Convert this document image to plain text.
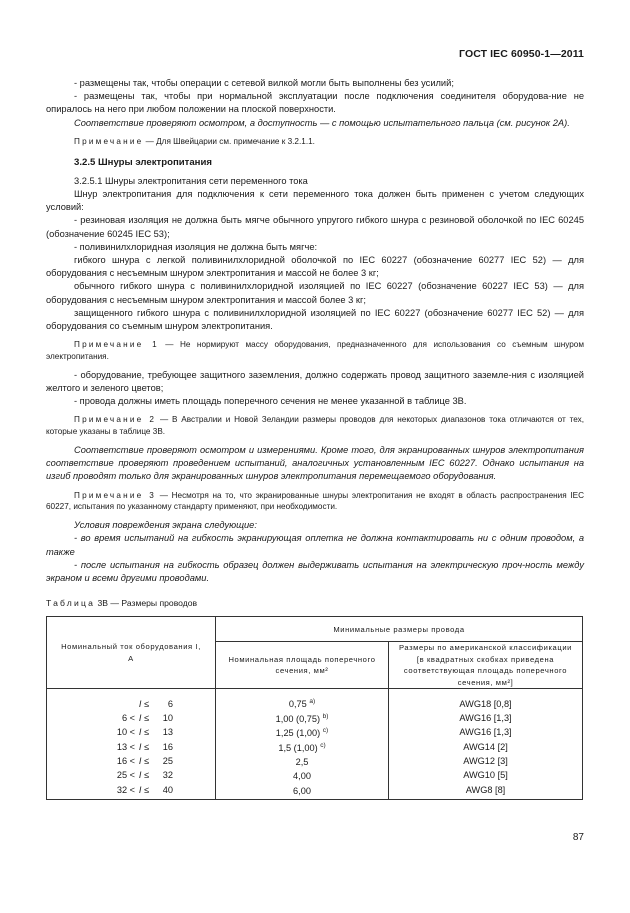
ГОСТ IEC 60950-1—2011

- размещены так, чтобы операции с сетевой вилкой могли быть выполнены без усилий;

- размещены так, чтобы при нормальной эксплуатации после подключения соединителя оборудова-ние не опиралось на него при любом положении на плоской поверхности.

Соответствие проверяют осмотром, а доступность — с помощью испытательного пальца (см. рисунок 2А).

Примечание — Для Швейцарии см. примечание к 3.2.1.1.

3.2.5 Шнуры электропитания

3.2.5.1 Шнуры электропитания сети переменного тока

Шнур электропитания для подключения к сети переменного тока должен быть применен с учетом следующих условий:

- резиновая изоляция не должна быть мягче обычного упругого гибкого шнура с резиновой оболочкой по IEC 60245 (обозначение 60245 IEC 53);

- поливинилхлоридная изоляция не должна быть мягче:

гибкого шнура с легкой поливинилхлоридной оболочкой по IEC 60227 (обозначение 60277 IEC 52) — для оборудования с несъемным шнуром электропитания и массой не более 3 кг;

обычного гибкого шнура с поливинилхлоридной изоляцией по IEC 60227 (обозначение 60227 IEC 53) — для оборудования с несъемным шнуром электропитания и массой более 3 кг;

защищенного гибкого шнура с поливинилхлоридной изоляцией по IEC 60227 (обозначение 60277 IEC 52) — для оборудования со съемным шнуром электропитания.

Примечание 1 — Не нормируют массу оборудования, предназначенного для использования со съемным шнуром электропитания.

- оборудование, требующее защитного заземления, должно содержать провод защитного заземле-ния с изоляцией желтого и зеленого цветов;

- провода должны иметь площадь поперечного сечения не менее указанной в таблице 3В.

Примечание 2 — В Австралии и Новой Зеландии размеры проводов для некоторых диапазонов тока отличаются от тех, которые указаны в таблице 3В.

Соответствие проверяют осмотром и измерениями. Кроме того, для экранированных шнуров электропитания соответствие проверяют проведением испытаний, аналогичных установленным IEC 60227. Однако испытания на изгиб проводят только для экранированных шнуров электропитания перемещаемого оборудования.

Примечание 3 — Несмотря на то, что экранированные шнуры электропитания не входят в область распространения IEC 60227, испытания по указанному стандарту применяют, при необходимости.

Условия повреждения экрана следующие:

- во время испытаний на гибкость экранирующая оплетка не должна контактировать ни с одним проводом, а также

- после испытания на гибкость образец должен выдерживать испытания на электрическую проч-ность между экраном и всеми другими проводами.

Таблица 3В — Размеры проводов

Номинальный ток оборудования I, А	Минимальные размеры провода	
	Номинальная площадь поперечного сечения, мм²	Размеры по американской классификации [в квадратных скобках приведена соответствующая площадь поперечного сечения, мм²]

I ≤ 6	0,75 $^{a)}$	AWG18 [0,8]

6 < I ≤ 10	1,00 (0,75) $^{b)}$	AWG16 [1,3]

10 < I ≤ 13	1,25 (1,00) $^{c)}$	AWG16 [1,3]

13 < I ≤ 16	1,5 (1,00) $^{c)}$	AWG14 [2]

16 < I ≤ 25	2,5	AWG12 [3]

25 < I ≤ 32	4,00	AWG10 [5]

32 < I ≤ 40	6,00	AWG8 [8]
87
